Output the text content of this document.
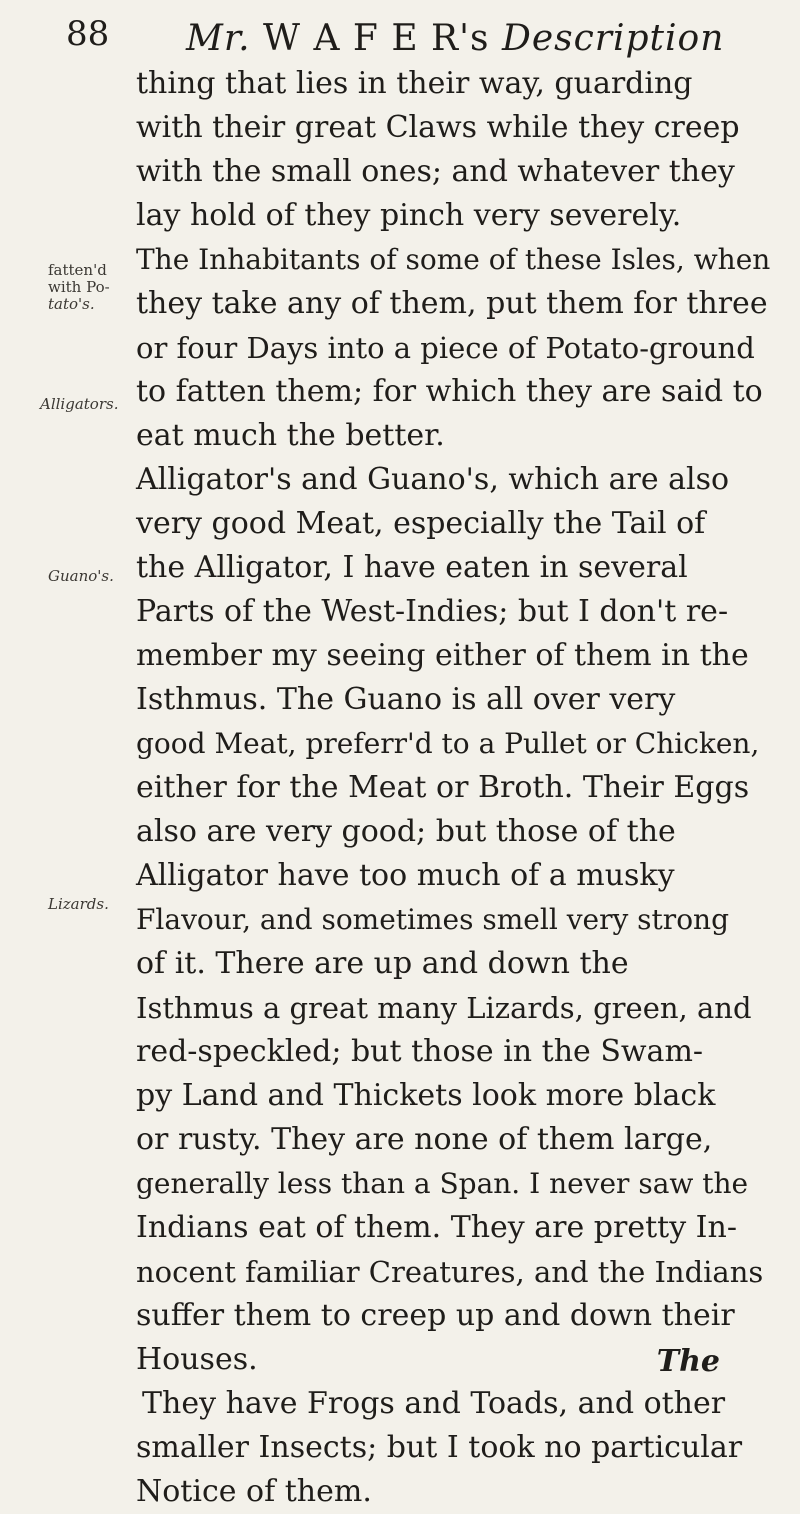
88 Mr. W A F E R's Description
fatten'd
with Po-
tato's.
Alligators.
Guano's.
Lizards.
thing that lies in their way, guarding
with their great Claws while they creep
with the small ones; and whatever they
lay hold of they pinch very severely.
The Inhabitants of some of these Isles, when
they take any of them, put them for three
or four Days into a piece of Potato-ground
to fatten them; for which they are said to
eat much the better.
Alligator's and Guano's, which are also
very good Meat, especially the Tail of
the Alligator, I have eaten in several
Parts of the West-Indies; but I don't re-
member my seeing either of them in the
Isthmus. The Guano is all over very
good Meat, preferr'd to a Pullet or Chicken,
either for the Meat or Broth. Their Eggs
also are very good; but those of the
Alligator have too much of a musky
Flavour, and sometimes smell very strong
of it. There are up and down the
Isthmus a great many Lizards, green, and
red-speckled; but those in the Swam-
py Land and Thickets look more black
or rusty. They are none of them large,
generally less than a Span. I never saw the
Indians eat of them. They are pretty In-
nocent familiar Creatures, and the Indians
suffer them to creep up and down their
Houses.
They have Frogs and Toads, and other
smaller Insects; but I took no particular
Notice of them.
The
